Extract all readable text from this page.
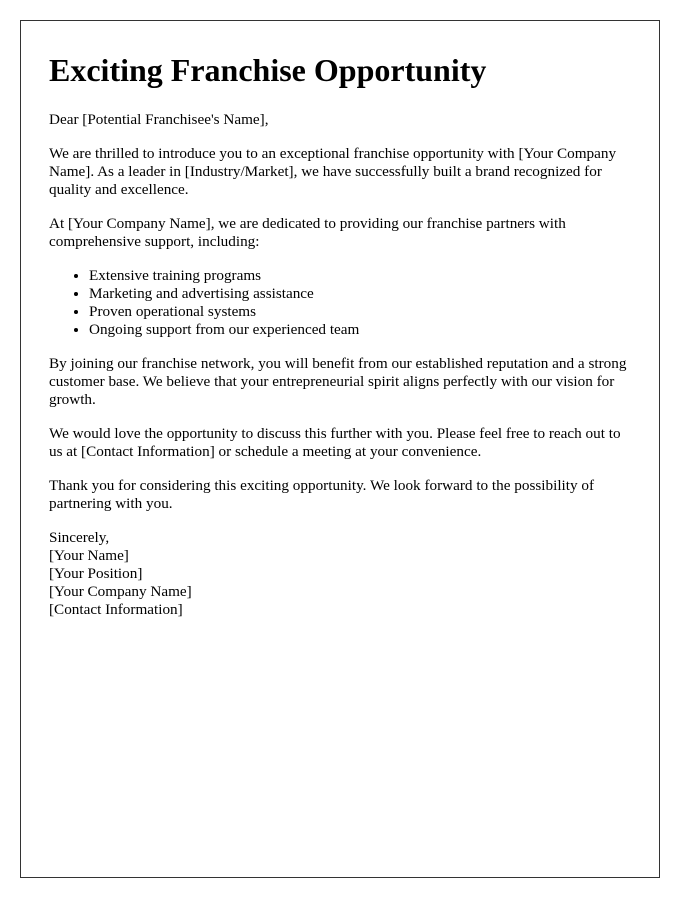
Exciting Franchise Opportunity

Dear [Potential Franchisee's Name],

We are thrilled to introduce you to an exceptional franchise opportunity with [Your Company Name]. As a leader in [Industry/Market], we have successfully built a brand recognized for quality and excellence.

At [Your Company Name], we are dedicated to providing our franchise partners with comprehensive support, including:

• Extensive training programs
• Marketing and advertising assistance
• Proven operational systems
• Ongoing support from our experienced team

By joining our franchise network, you will benefit from our established reputation and a strong customer base. We believe that your entrepreneurial spirit aligns perfectly with our vision for growth.

We would love the opportunity to discuss this further with you. Please feel free to reach out to us at [Contact Information] or schedule a meeting at your convenience.

Thank you for considering this exciting opportunity. We look forward to the possibility of partnering with you.

Sincerely,
[Your Name]
[Your Position]
[Your Company Name]
[Contact Information]
